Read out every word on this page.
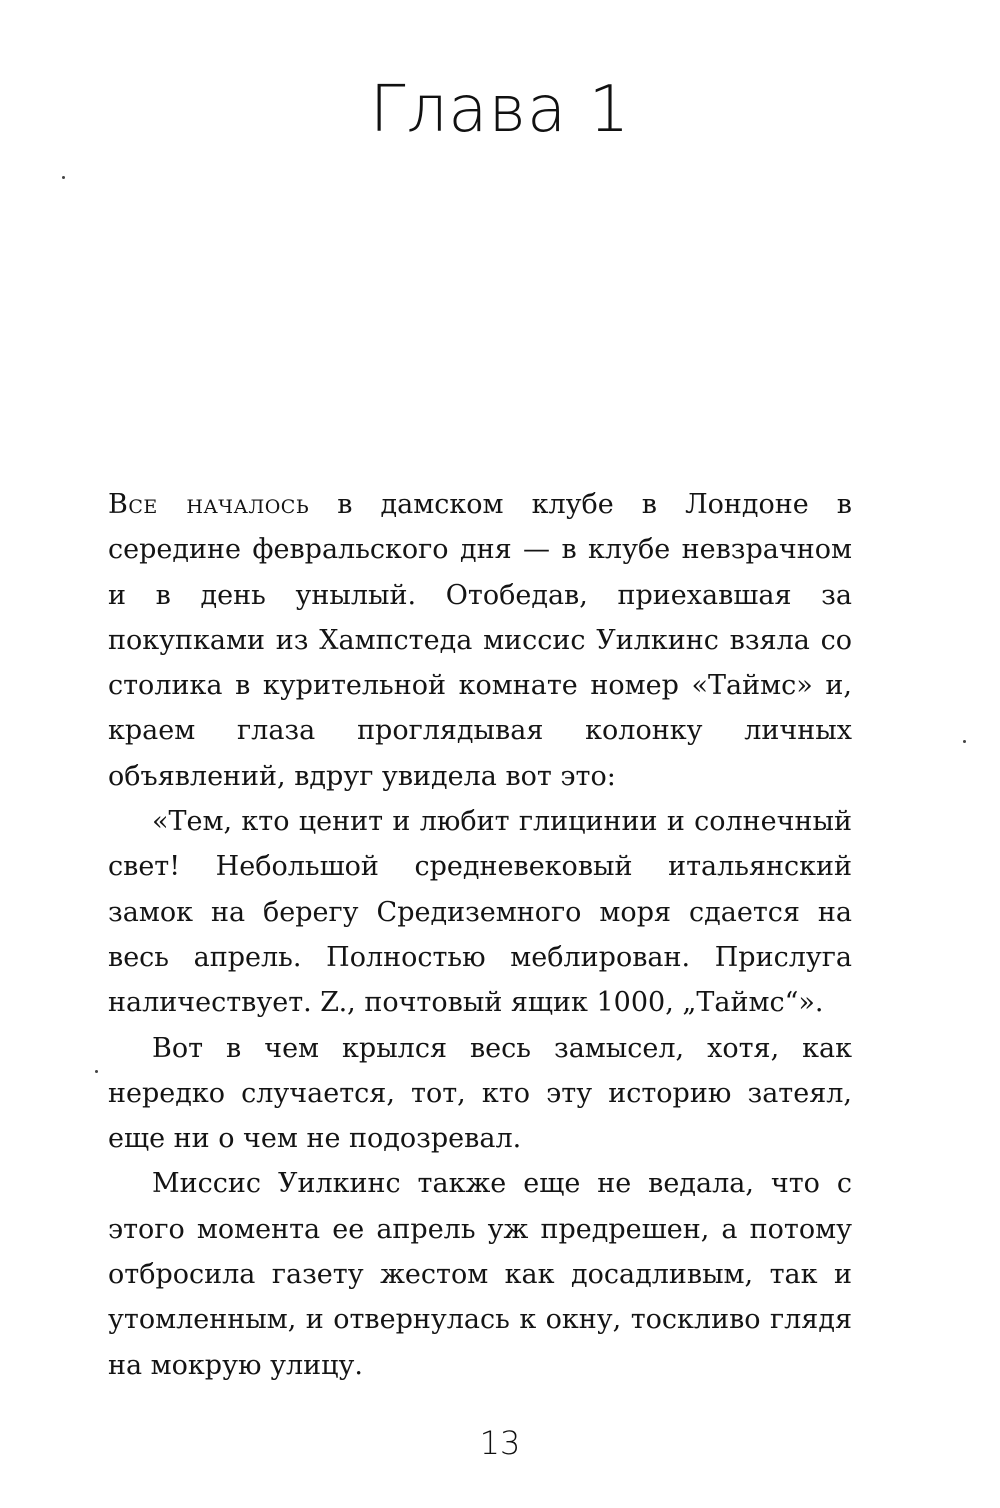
Глава 1

Все началось в дамском клубе в Лондоне в середине февральского дня — в клубе невзрачном и в день унылый. Отобедав, приехавшая за покупками из Хампстеда миссис Уилкинс взяла со столика в курительной комнате номер «Таймс» и, краем глаза проглядывая колонку личных объявлений, вдруг увидела вот это:

«Тем, кто ценит и любит глицинии и солнечный свет! Небольшой средневековый итальянский замок на берегу Средиземного моря сдается на весь апрель. Полностью меблирован. Прислуга наличествует. Z., почтовый ящик 1000, „Таймс“».

Вот в чем крылся весь замысел, хотя, как нередко случается, тот, кто эту историю затеял, еще ни о чем не подозревал.

Миссис Уилкинс также еще не ведала, что с этого момента ее апрель уж предрешен, а потому отбросила газету жестом как досадливым, так и утомленным, и отвернулась к окну, тоскливо глядя на мокрую улицу.

13
